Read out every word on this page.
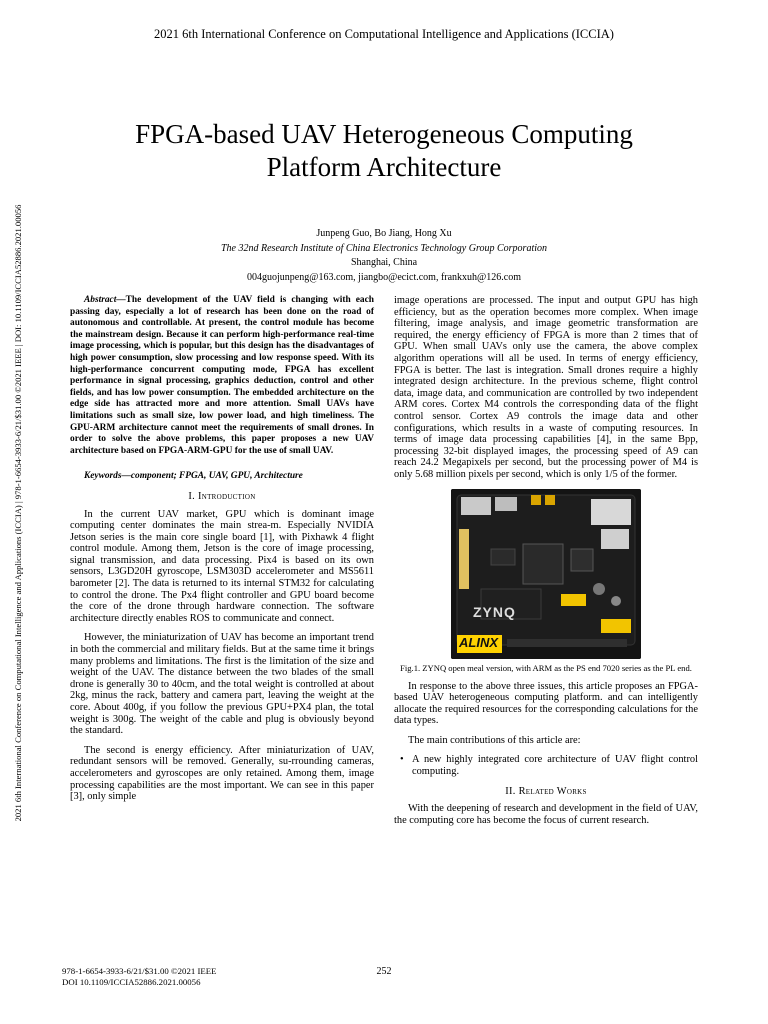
2021 6th International Conference on Computational Intelligence and Applications (ICCIA)
2021 6th International Conference on Computational Intelligence and Applications (ICCIA) | 978-1-6654-3933-6/21/$31.00 ©2021 IEEE | DOI: 10.1109/ICCIA52886.2021.00056
FPGA-based UAV Heterogeneous Computing
Platform Architecture
Junpeng Guo, Bo Jiang, Hong Xu
The 32nd Research Institute of China Electronics Technology Group Corporation
Shanghai, China
004guojunpeng@163.com, jiangbo@ecict.com, frankxuh@126.com
Abstract—The development of the UAV field is changing with each passing day, especially a lot of research has been done on the road of autonomous and controllable. At present, the control module has become the mainstream design. Because it can perform high-performance real-time image processing, which is popular, but this design has the disadvantages of high power consumption, slow processing and low response speed. With its high-performance concurrent computing mode, FPGA has excellent performance in signal processing, graphics deduction, control and other fields, and has low power consumption. The embedded architecture on the edge side has attracted more and more attention. Small UAVs have limitations such as small size, low power load, and high timeliness. The GPU-ARM architecture cannot meet the requirements of small drones. In order to solve the above problems, this paper proposes a new UAV architecture based on FPGA-ARM-GPU for the use of small UAV.
Keywords—component; FPGA, UAV, GPU, Architecture
I. Introduction

In the current UAV market, GPU which is dominant image computing center dominates the main strea-m. Especially NVIDIA Jetson series is the main core single board [1], with Pixhawk 4 flight control module. Among them, Jetson is the core of image processing, signal transmission, and data processing. Pix4 is based on its own sensors, L3GD20H gyroscope, LSM303D accelerometer and MS5611 barometer [2]. The data is returned to its internal STM32 for calculating to control the drone. The Px4 flight controller and GPU board become the core of the drone through hardware connection. The software architecture directly enables ROS to communicate and connect.

However, the miniaturization of UAV has become an important trend in both the commercial and military fields. But at the same time it brings many problems and limitations. The first is the limitation of the size and weight of the UAV. The distance between the two blades of the small drone is generally 30 to 40cm, and the total weight is controlled at about 2kg, minus the rack, battery and camera part, leaving the weight at the core. About 400g, if you follow the previous GPU+PX4 plan, the total weight is 300g. The weight of the cable and plug is obviously beyond the standard.

The second is energy efficiency. After miniaturization of UAV, redundant sensors will be removed. Generally, su-rrounding cameras, accelerometers and gyroscopes are only retained. Among them, image processing capabilities are the most important. We can see in this paper [3], only simple

image operations are processed. The input and output GPU has high efficiency, but as the operation becomes more complex. When image filtering, image analysis, and image geometric transformation are required, the energy efficiency of FPGA is more than 2 times that of GPU. When small UAVs only use the camera, the above complex algorithm operations will all be used. In terms of energy efficiency, FPGA is better. The last is integration. Small drones require a highly integrated design architecture. In the previous scheme, flight control data, image data, and communication are controlled by two independent ARM cores. Cortex M4 controls the corresponding data of the flight control sensor. Cortex A9 controls the image data and other configurations, which results in a waste of computing resources. In terms of image data processing capabilities [4], in the same Bpp, processing 32-bit displayed images, the processing speed of A9 can reach 24.2 Megapixels per second, but the processing power of M4 is only 5.68 million pixels per second, which is only 1/5 of the former.

ZYNQ
ALINX
Fig.1. ZYNQ open meal version, with ARM as the PS end 7020 series as the PL end.

In response to the above three issues, this article proposes an FPGA-based UAV heterogeneous computing platform. and can intelligently allocate the required resources for the corresponding calculations for the data types.

The main contributions of this article are:

• A new highly integrated core architecture of UAV flight control computing.
II. Related Works

With the deepening of research and development in the field of UAV, the computing core has become the focus of current research.

978-1-6654-3933-6/21/$31.00 ©2021 IEEE
DOI 10.1109/ICCIA52886.2021.00056
252
